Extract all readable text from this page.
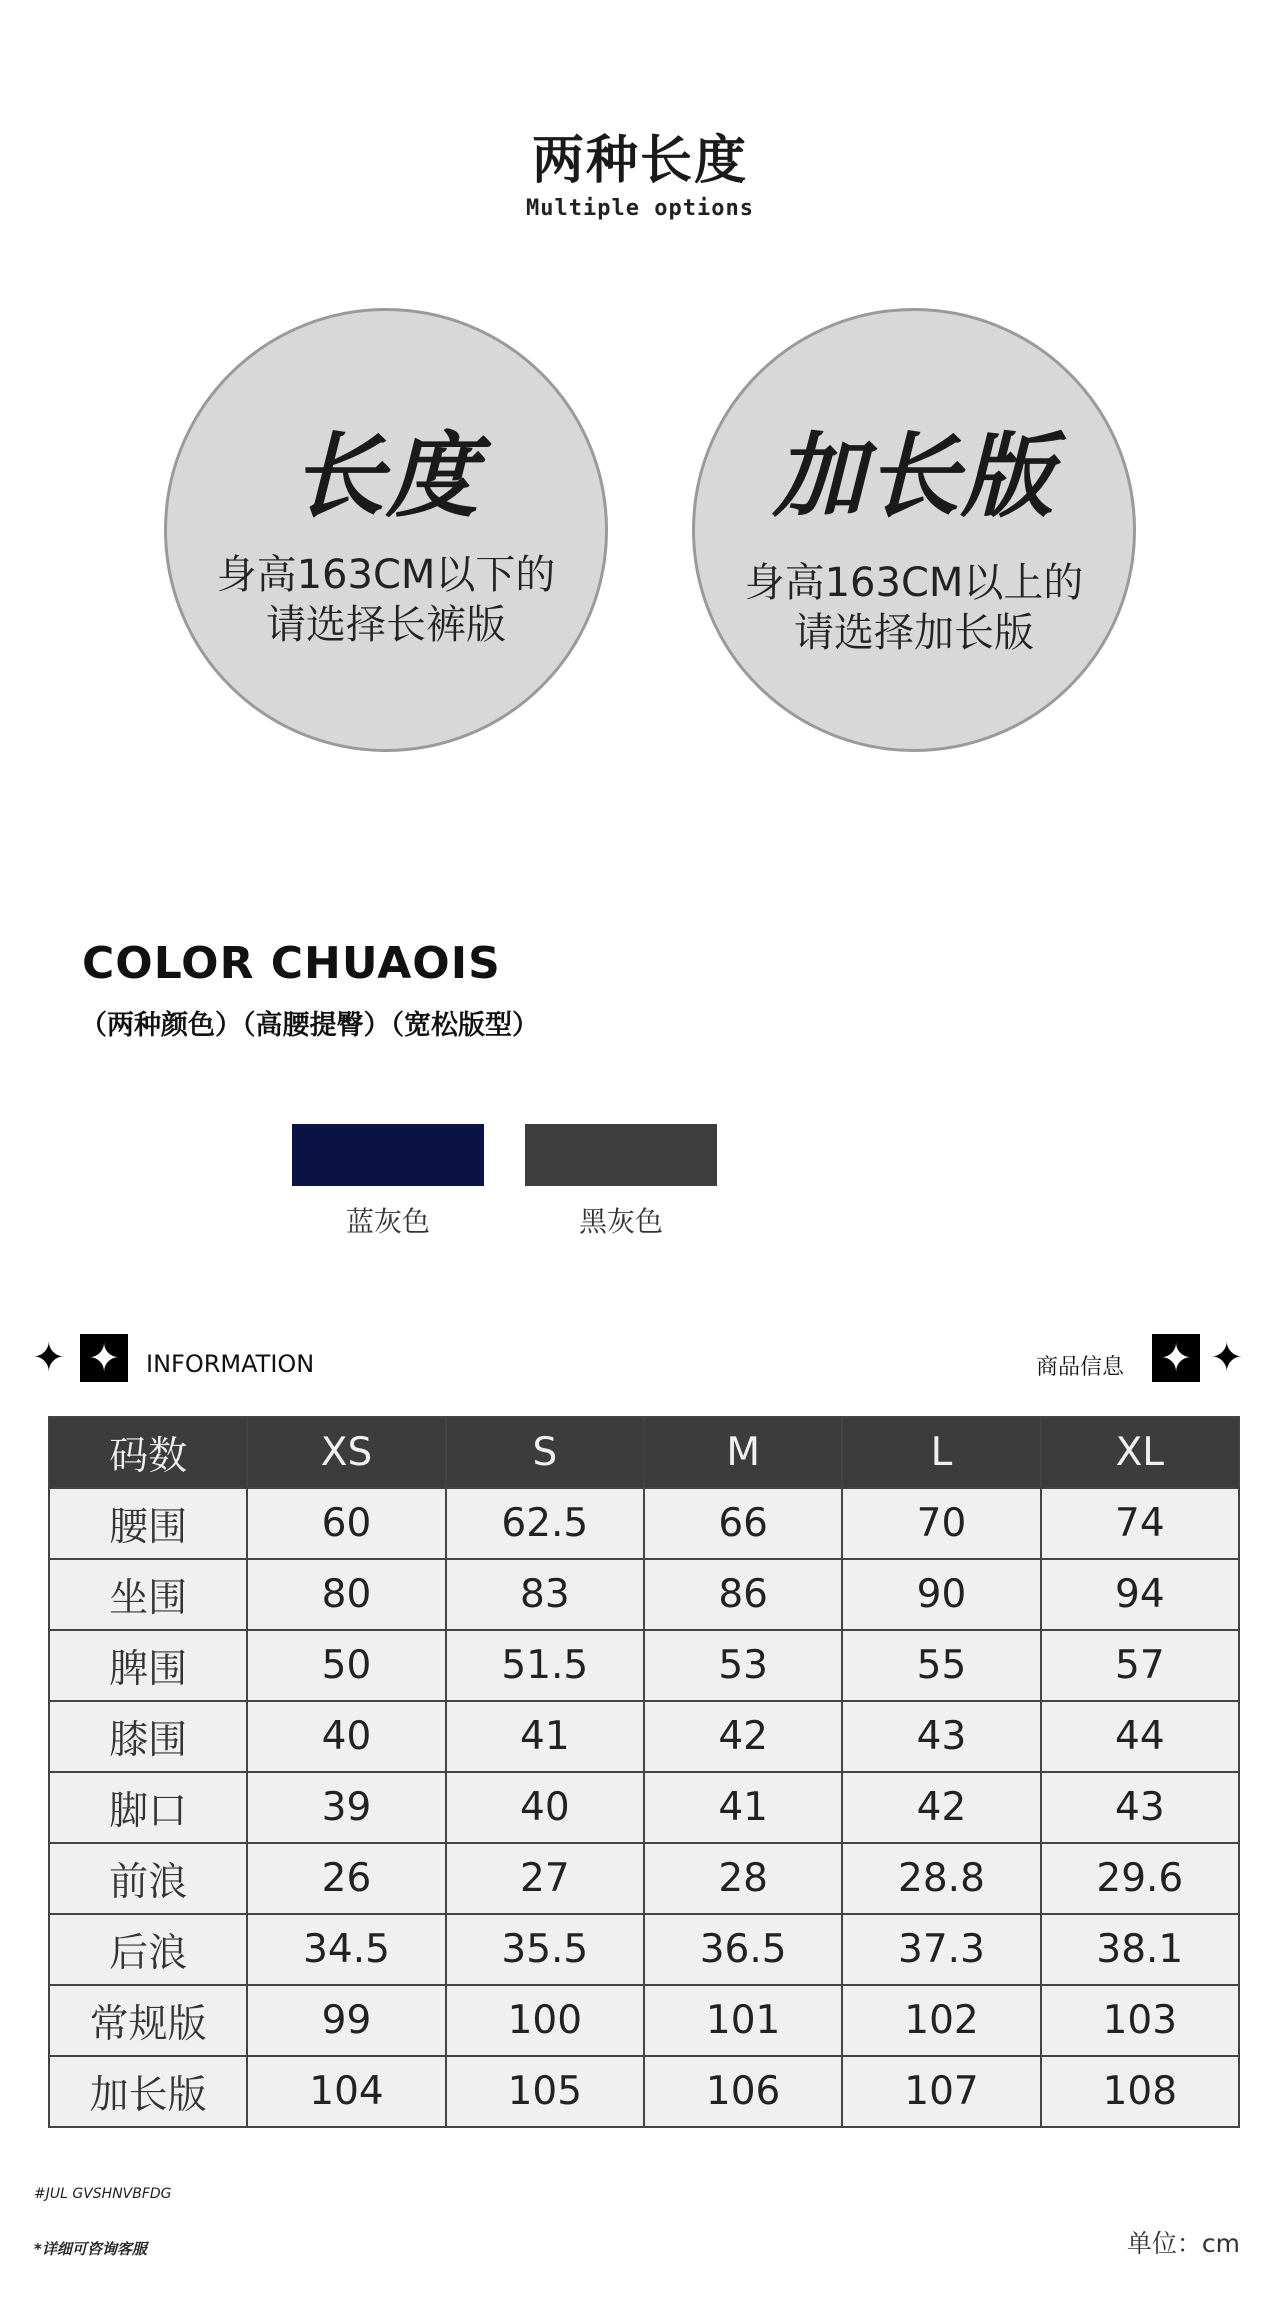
两种长度
Multiple options
长度
身高163CM以下的
请选择长裤版
加长版
身高163CM以上的
请选择加长版
COLOR CHUAOIS
（两种颜色）（高腰提臀）（宽松版型）
蓝灰色	黑灰色
✦ ✦	INFORMATION	商品信息 ✦ ✦
码数	XS	S	M	L	XL
腰围	60	62.5	66	70	74
坐围	80	83	86	90	94
脾围	50	51.5	53	55	57
膝围	40	41	42	43	44
脚口	39	40	41	42	43
前浪	26	27	28	28.8	29.6
后浪	34.5	35.5	36.5	37.3	38.1
常规版	99	100	101	102	103
加长版	104	105	106	107	108
#JUL GVSHNVBFDG
*详细可咨询客服	单位：cm
